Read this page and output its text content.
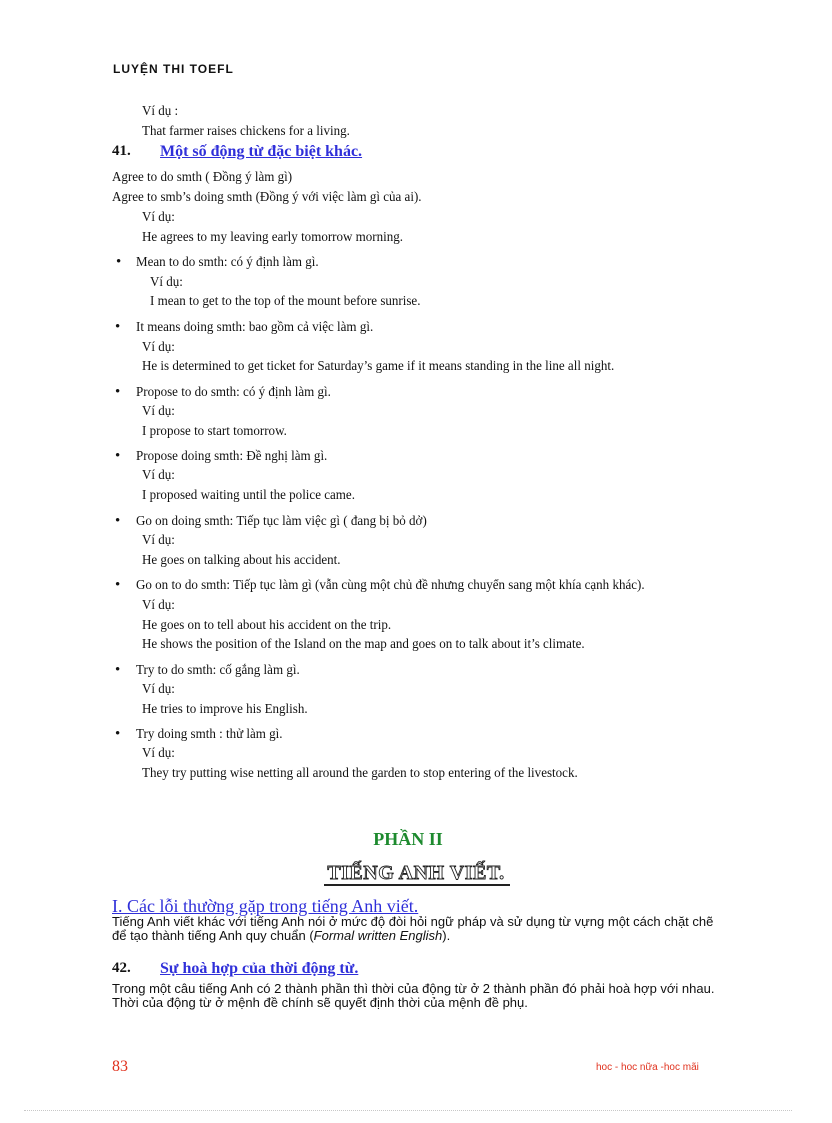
LUYỆN THI TOEFL
Ví dụ :
That farmer raises chickens for a living.
41. Một số động từ đặc biệt khác.
Agree to do smth ( Đồng ý làm gì)
Agree to smb’s doing smth (Đồng ý với việc làm gì của ai).
Ví dụ:
He agrees to my leaving early tomorrow morning.
• Mean to do smth: có ý định làm gì.
Ví dụ:
I mean to get to the top of the mount before sunrise.
• It means doing smth: bao gồm cả việc làm gì.
Ví dụ:
He is determined to get ticket for Saturday’s game if it means standing in the line all night.
• Propose to do smth: có ý định làm gì.
Ví dụ:
I propose to start tomorrow.
• Propose doing smth: Đề nghị làm gì.
Ví dụ:
I proposed waiting until the police came.
• Go on doing smth: Tiếp tục làm việc gì ( đang bị bỏ dở)
Ví dụ:
He goes on talking about his accident.
• Go on to do smth: Tiếp tục làm gì (vẫn cùng một chủ đề nhưng chuyển sang một khía cạnh khác).
Ví dụ:
He goes on to tell about his accident on the trip.
He shows the position of the Island on the map and goes on to talk about it’s climate.
• Try to do smth: cố gắng làm gì.
Ví dụ:
He tries to improve his English.
• Try doing smth : thử làm gì.
Ví dụ:
They try putting wise netting all around the garden to stop entering of the livestock.
PHẦN II
TIẾNG ANH VIẾT.
I. Các lỗi thường gặp trong tiếng Anh viết.
Tiếng Anh viết khác với tiếng Anh nói ở mức độ đòi hỏi ngữ pháp và sử dụng từ vựng một cách chặt chẽ để tạo thành tiếng Anh quy chuẩn (Formal written English).
42. Sự hoà hợp của thời động từ.
Trong một câu tiếng Anh có 2 thành phần thì thời của động từ ở 2 thành phần đó phải hoà hợp với nhau. Thời của động từ ở mệnh đề chính sẽ quyết định thời của mệnh đề phụ.
83	hoc - hoc nữa -hoc mãi
